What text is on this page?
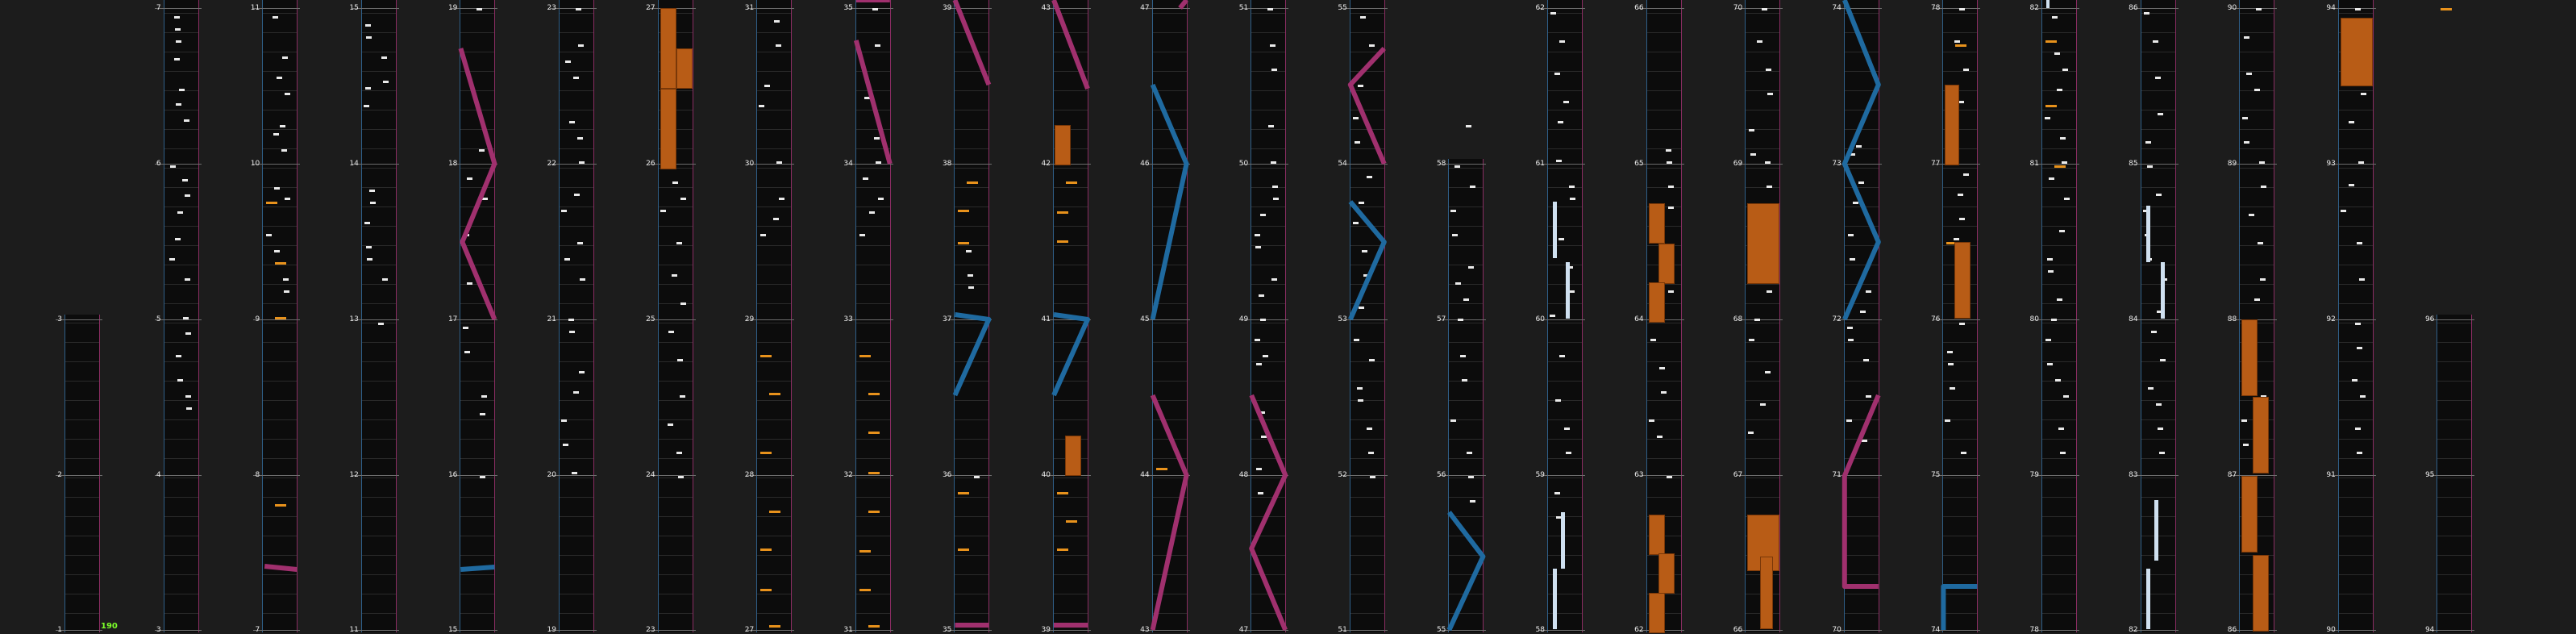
1
2
3
3
4
5
6
7
7
8
9
10
11
11
12
13
14
15
15
16
17
18
19
19
20
21
22
23
23
24
25
26
27
27
28
29
30
31
31
32
33
34
35
35
36
37
38
39
39
40
41
42
43
43
44
45
46
47
47
48
49
50
51
51
52
53
54
55
55
56
57
58
58
59
60
61
62
62
63
64
65
66
66
67
68
69
70
70
71
72
73
74
74
75
76
77
78
78
79
80
81
82
82
83
84
85
86
86
87
88
89
90
90
91
92
93
94
94
95
96
190
